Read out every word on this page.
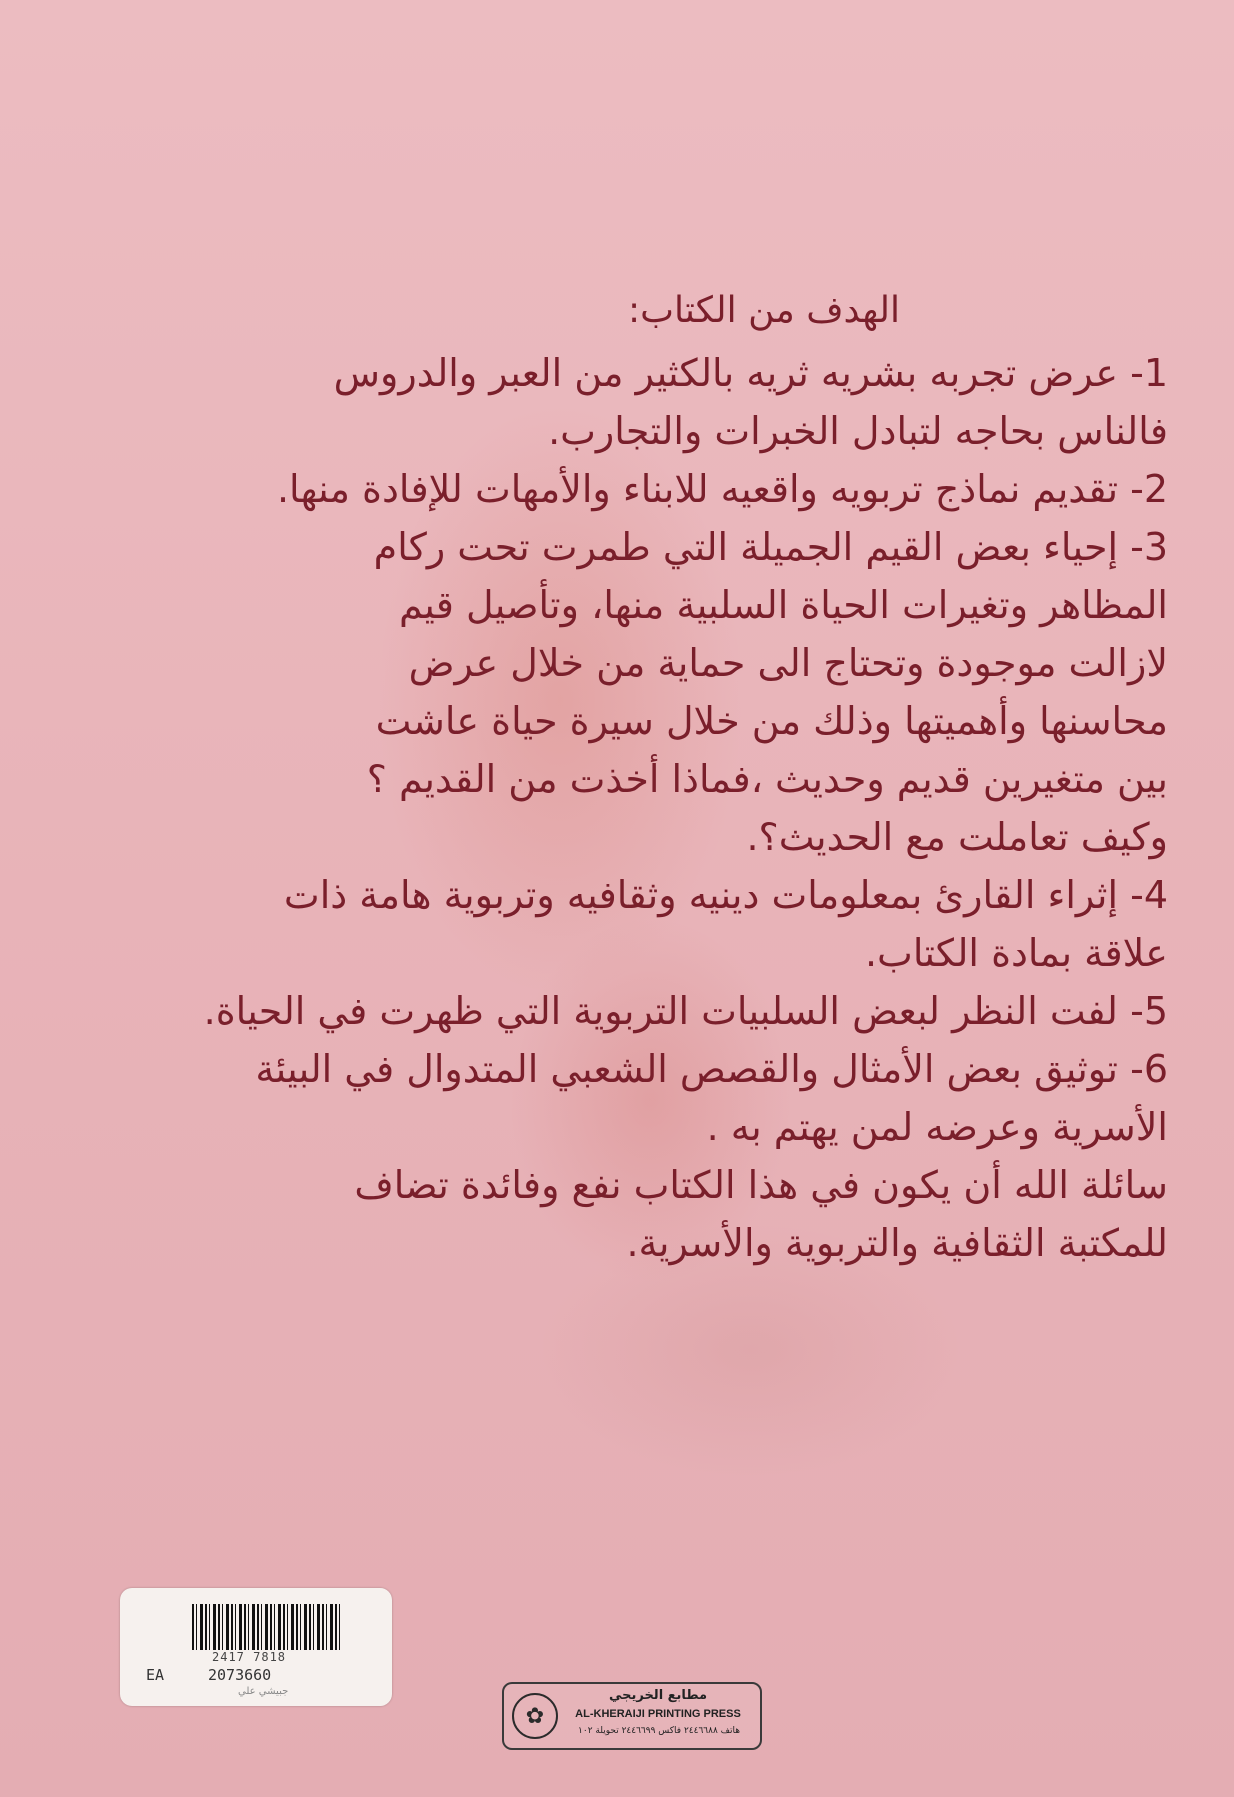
الهدف من الكتاب:
1- عرض تجربه بشريه ثريه بالكثير من العبر والدروس
فالناس بحاجه لتبادل الخبرات والتجارب.
2- تقديم نماذج تربويه واقعيه للابناء والأمهات للإفادة منها.
3- إحياء بعض القيم الجميلة التي طمرت تحت ركام
المظاهر وتغيرات الحياة السلبية منها، وتأصيل قيم
لازالت موجودة وتحتاج الى حماية من خلال عرض
محاسنها وأهميتها وذلك من خلال سيرة حياة عاشت
بين متغيرين قديم وحديث ،فماذا أخذت من القديم ؟
وكيف تعاملت مع الحديث؟.
4- إثراء القارئ بمعلومات دينيه وثقافيه وتربوية هامة ذات
علاقة بمادة الكتاب.
5- لفت النظر لبعض السلبيات التربوية التي ظهرت في الحياة.
6- توثيق بعض الأمثال والقصص الشعبي المتدوال في البيئة
الأسرية وعرضه لمن يهتم به .
سائلة الله أن يكون في هذا الكتاب نفع وفائدة تضاف
للمكتبة الثقافية والتربوية والأسرية.
2417 7818
EA	2073660
جبيشي علي
✿
مطابع الخريجي
AL-KHERAIJI PRINTING PRESS
هاتف ٢٤٤٦٦٨٨ فاكس ٢٤٤٦٦٩٩ تحويلة ١٠٢
